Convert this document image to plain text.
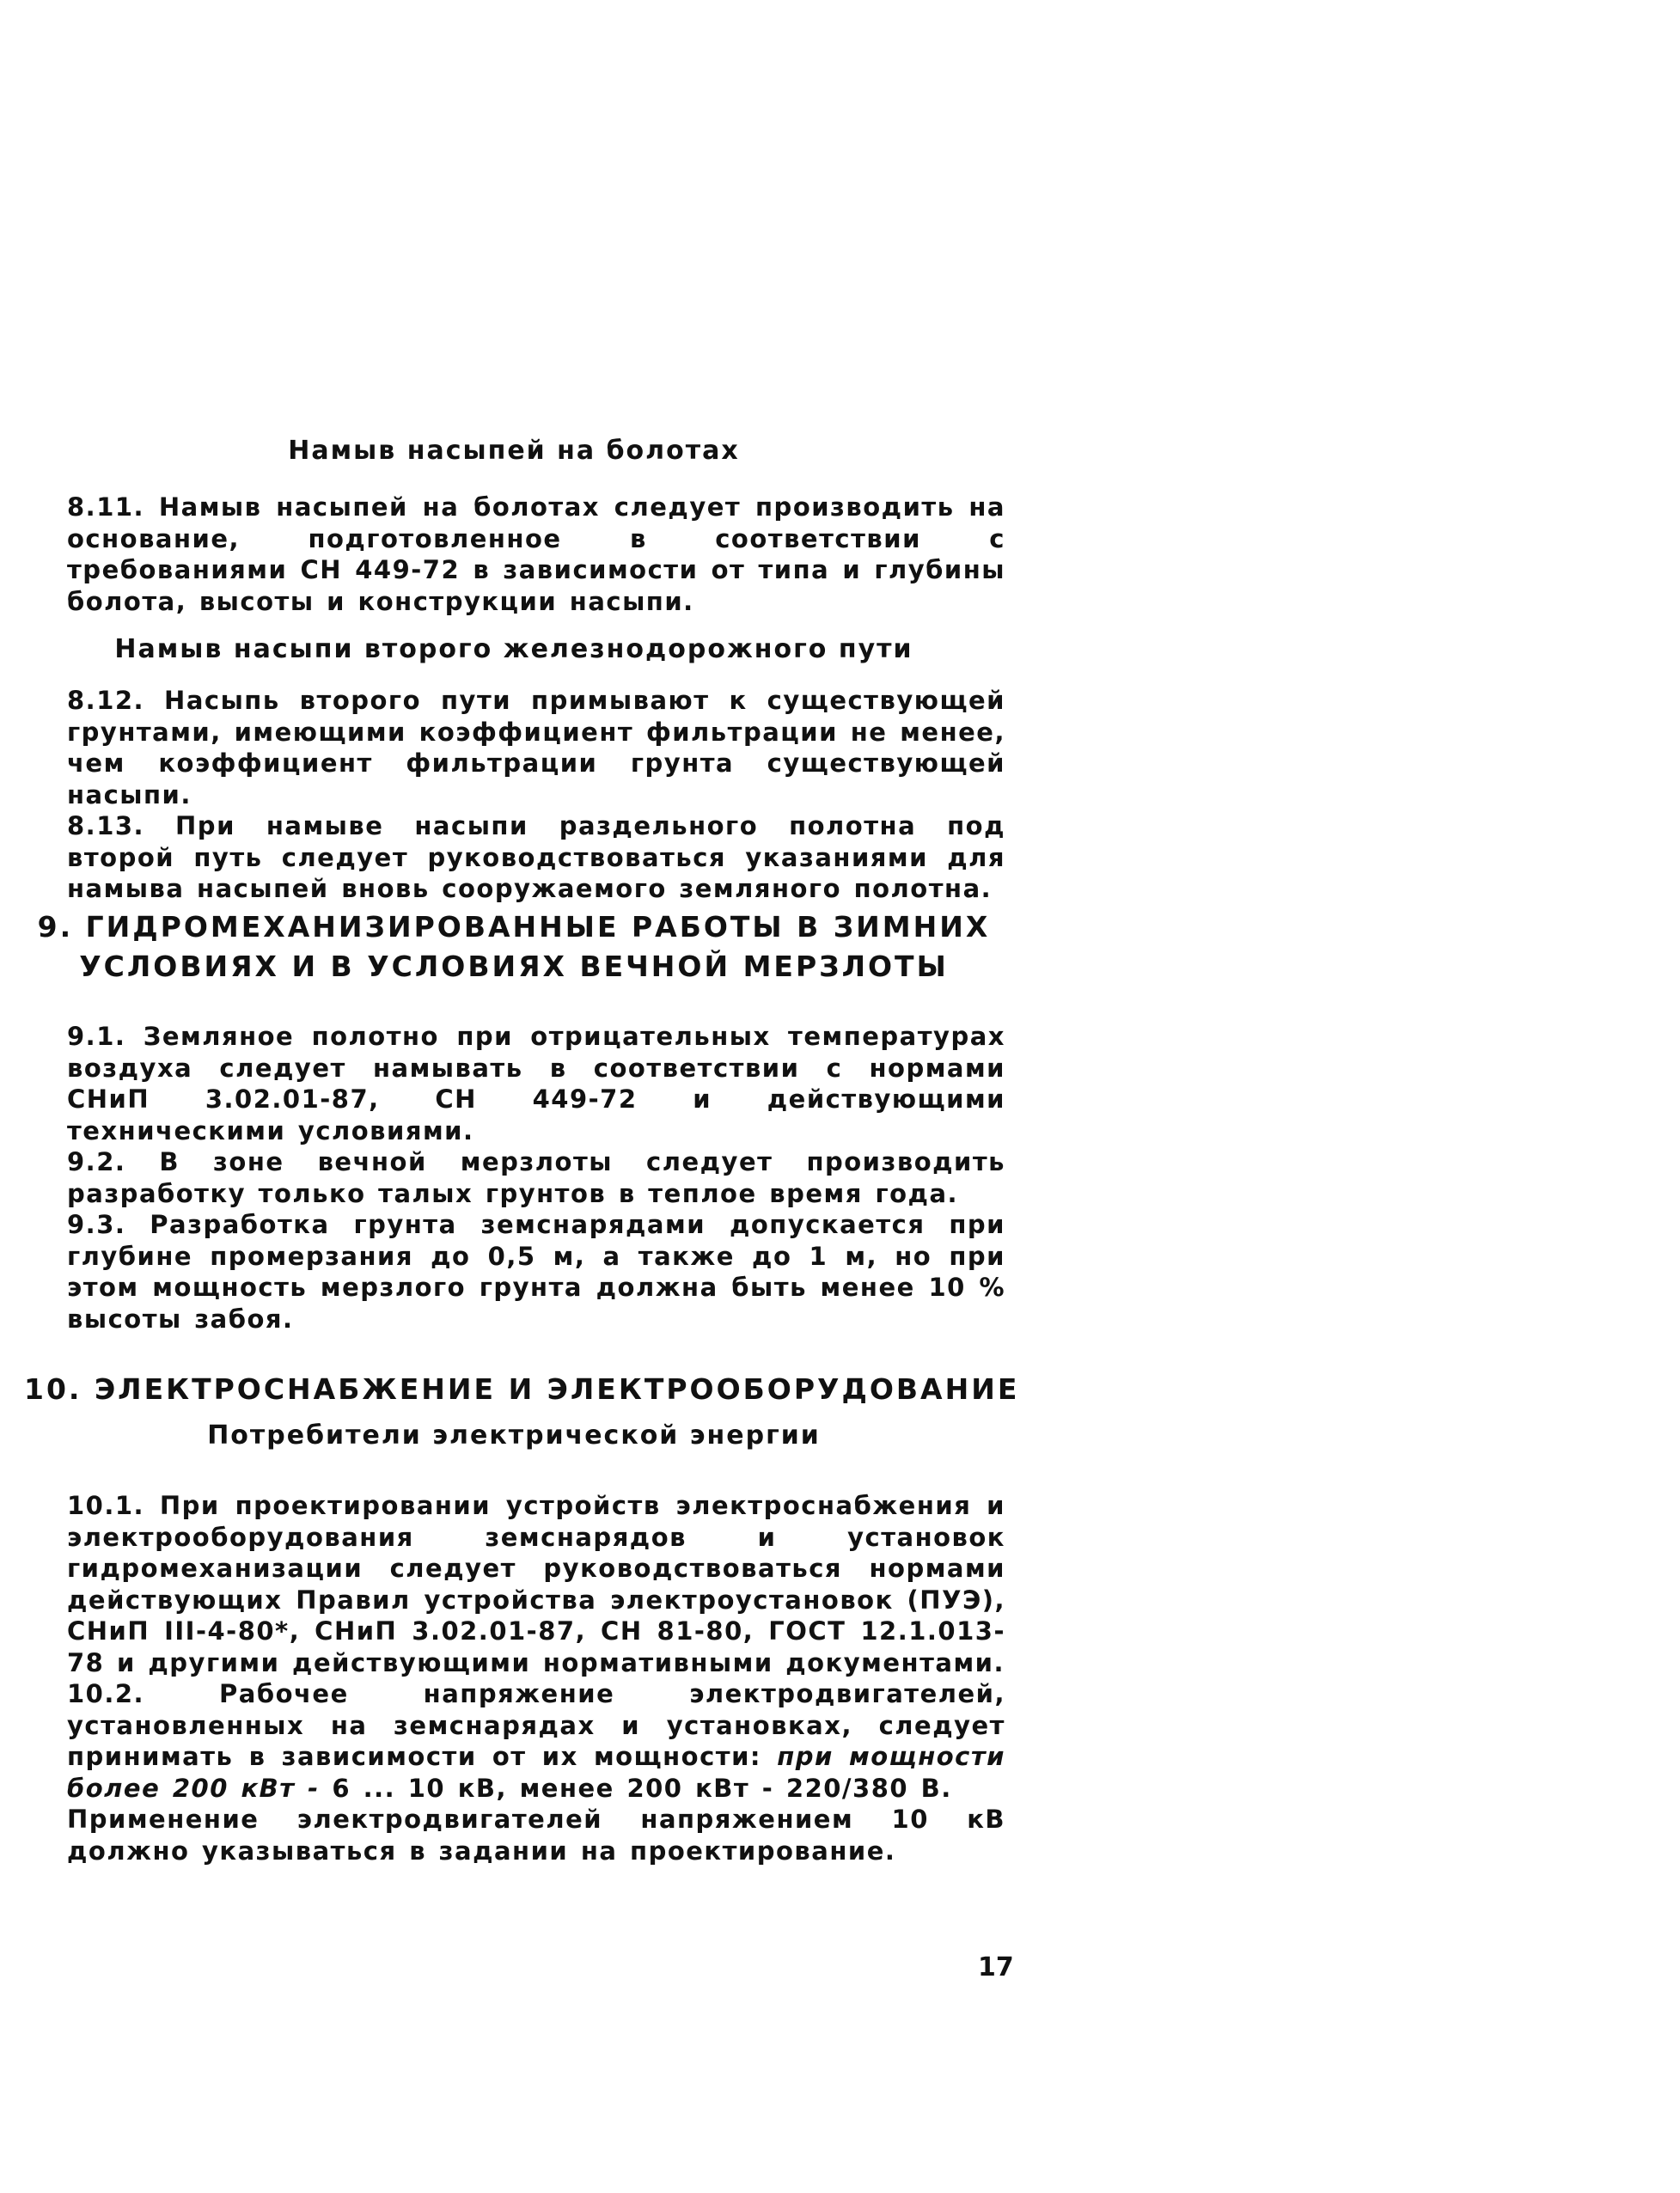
Намыв насыпей на болотах

8.11. Намыв насыпей на болотах следует производить на основание, подготовленное в соответствии с требованиями СН 449-72 в зависимости от типа и глубины болота, высоты и конструкции насыпи.

Намыв насыпи второго железнодорожного пути

8.12. Насыпь второго пути примывают к существующей грунтами, имеющими коэффициент фильтрации не менее, чем коэффициент фильтрации грунта существующей насыпи.
8.13. При намыве насыпи раздельного полотна под второй путь следует руководствоваться указаниями для намыва насыпей вновь сооружаемого земляного полотна.

9. ГИДРОМЕХАНИЗИРОВАННЫЕ РАБОТЫ В ЗИМНИХ
УСЛОВИЯХ И В УСЛОВИЯХ ВЕЧНОЙ МЕРЗЛОТЫ

9.1. Земляное полотно при отрицательных температурах воздуха следует намывать в соответствии с нормами СНиП 3.02.01-87, СН 449-72 и действующими техническими условиями.
9.2. В зоне вечной мерзлоты следует производить разработку только талых грунтов в теплое время года.
9.3. Разработка грунта земснарядами допускается при глубине промерзания до 0,5 м, а также до 1 м, но при этом мощность мерзлого грунта должна быть менее 10 % высоты забоя.

10. ЭЛЕКТРОСНАБЖЕНИЕ И ЭЛЕКТРООБОРУДОВАНИЕ
Потребители электрической энергии

10.1. При проектировании устройств электроснабжения и электрооборудования земснарядов и установок гидромеханизации следует руководствоваться нормами действующих Правил устройства электроустановок (ПУЭ), СНиП III-4-80*, СНиП 3.02.01-87, СН 81-80, ГОСТ 12.1.013-78 и другими действующими нормативными документами.
10.2. Рабочее напряжение электродвигателей, установленных на земснарядах и установках, следует принимать в зависимости от их мощности: при мощности более 200 кВт - 6 ... 10 кВ, менее 200 кВт - 220/380 В.
Применение электродвигателей напряжением 10 кВ должно указываться в задании на проектирование.

17
